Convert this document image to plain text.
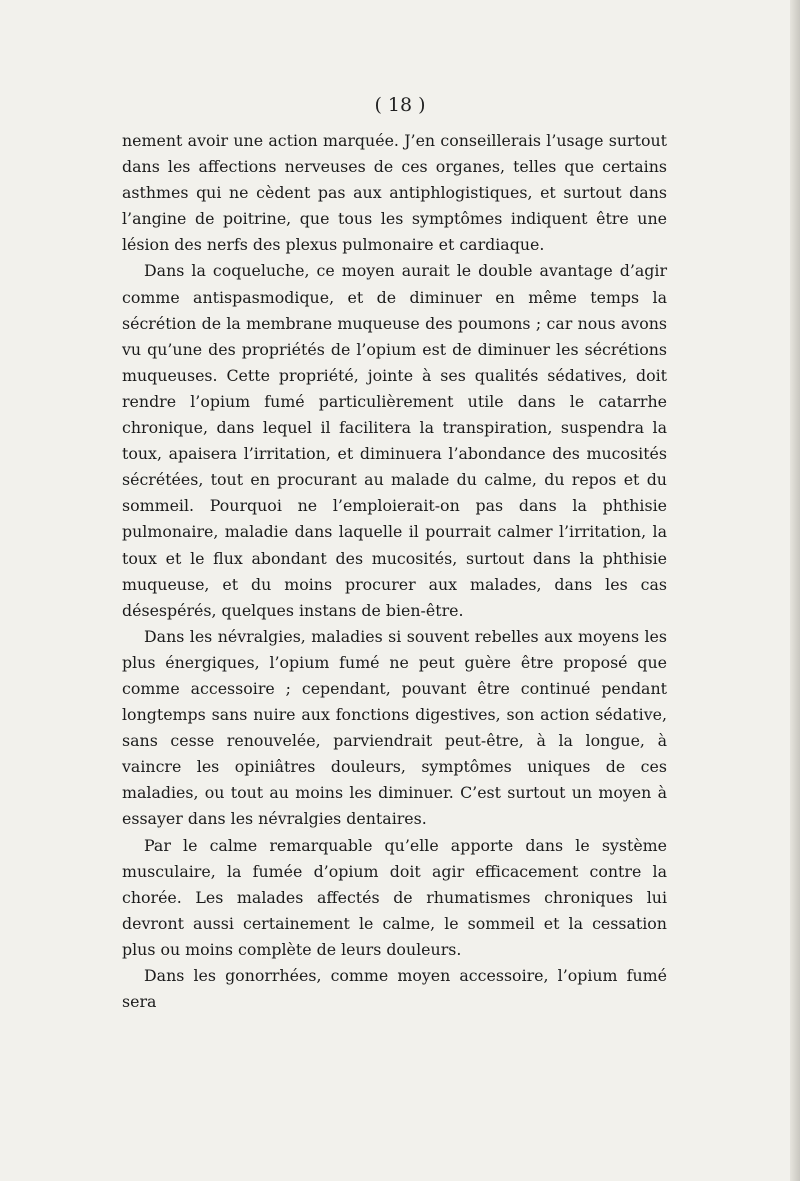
( 18 )

nement avoir une action marquée. J’en conseillerais l’usage surtout dans les affections nerveuses de ces organes, telles que certains asthmes qui ne cèdent pas aux antiphlogistiques, et surtout dans l’angine de poitrine, que tous les symptômes indiquent être une lésion des nerfs des plexus pulmonaire et cardiaque.

Dans la coqueluche, ce moyen aurait le double avantage d’agir comme antispasmodique, et de diminuer en même temps la sécrétion de la membrane muqueuse des poumons ; car nous avons vu qu’une des propriétés de l’opium est de diminuer les sécrétions muqueuses. Cette propriété, jointe à ses qualités sédatives, doit rendre l’opium fumé particulièrement utile dans le catarrhe chronique, dans lequel il facilitera la transpiration, suspendra la toux, apaisera l’irritation, et diminuera l’abondance des mucosités sécrétées, tout en procurant au malade du calme, du repos et du sommeil. Pourquoi ne l’emploierait-on pas dans la phthisie pulmonaire, maladie dans laquelle il pourrait calmer l’irritation, la toux et le flux abondant des mucosités, surtout dans la phthisie muqueuse, et du moins procurer aux malades, dans les cas désespérés, quelques instans de bien-être.

Dans les névralgies, maladies si souvent rebelles aux moyens les plus énergiques, l’opium fumé ne peut guère être proposé que comme accessoire ; cependant, pouvant être continué pendant longtemps sans nuire aux fonctions digestives, son action sédative, sans cesse renouvelée, parviendrait peut-être, à la longue, à vaincre les opiniâtres douleurs, symptômes uniques de ces maladies, ou tout au moins les diminuer. C’est surtout un moyen à essayer dans les névralgies dentaires.

Par le calme remarquable qu’elle apporte dans le système musculaire, la fumée d’opium doit agir efficacement contre la chorée. Les malades affectés de rhumatismes chroniques lui devront aussi certainement le calme, le sommeil et la cessation plus ou moins complète de leurs douleurs.

Dans les gonorrhées, comme moyen accessoire, l’opium fumé sera
